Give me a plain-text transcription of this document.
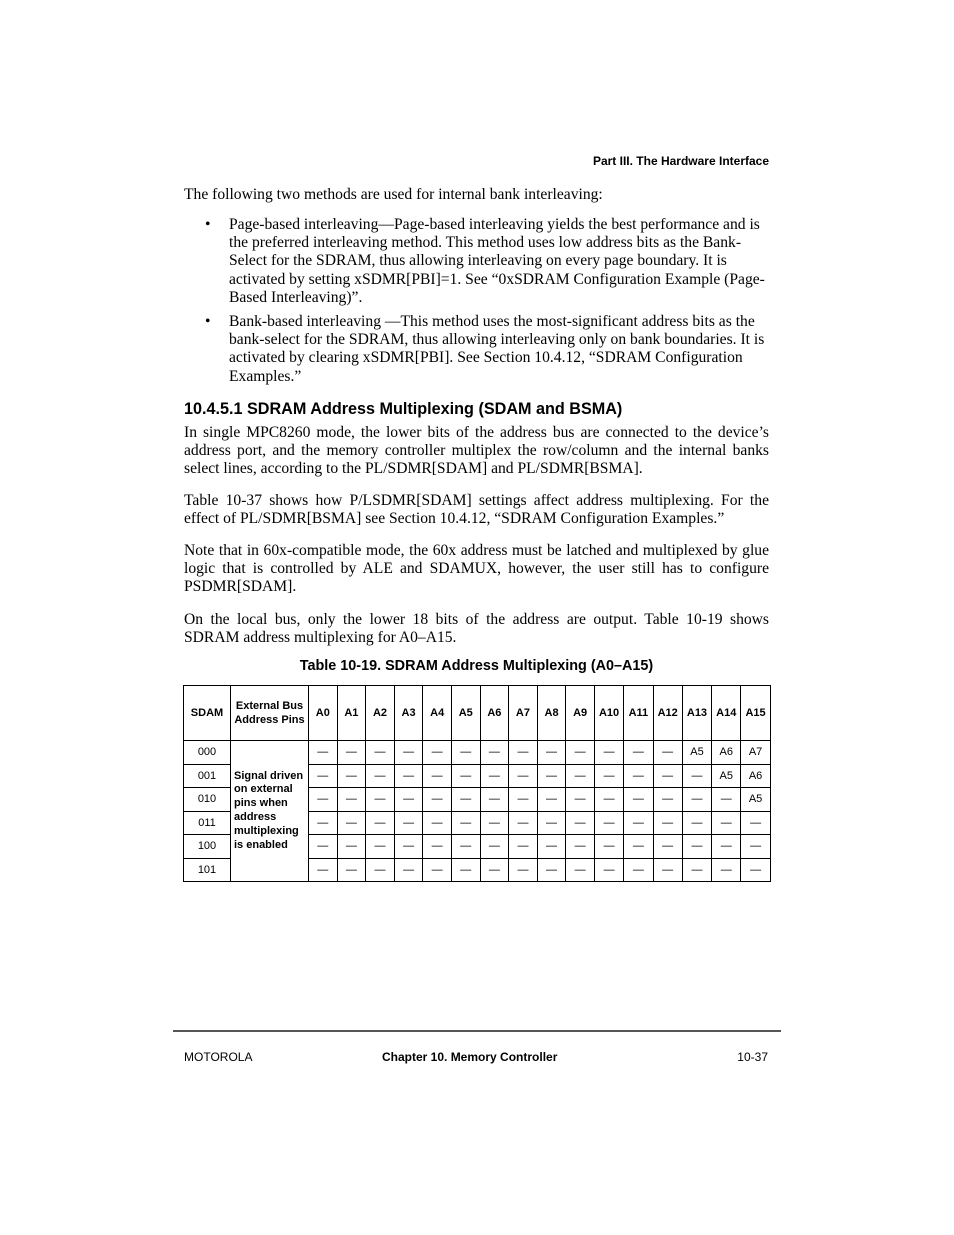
Part III. The Hardware Interface
The following two methods are used for internal bank interleaving:
• Page-based interleaving—Page-based interleaving yields the best performance and is the preferred interleaving method. This method uses low address bits as the Bank-Select for the SDRAM, thus allowing interleaving on every page boundary. It is activated by setting xSDMR[PBI]=1. See “0xSDRAM Configuration Example (Page-Based Interleaving)”.
• Bank-based interleaving —This method uses the most-significant address bits as the bank-select for the SDRAM, thus allowing interleaving only on bank boundaries. It is activated by clearing xSDMR[PBI]. See Section 10.4.12, “SDRAM Configuration Examples.”
10.4.5.1 SDRAM Address Multiplexing (SDAM and BSMA)
In single MPC8260 mode, the lower bits of the address bus are connected to the device’s address port, and the memory controller multiplex the row/column and the internal banks select lines, according to the PL/SDMR[SDAM] and PL/SDMR[BSMA].
Table 10-37 shows how P/LSDMR[SDAM] settings affect address multiplexing. For the effect of PL/SDMR[BSMA] see Section 10.4.12, “SDRAM Configuration Examples.”
Note that in 60x-compatible mode, the 60x address must be latched and multiplexed by glue logic that is controlled by ALE and SDAMUX, however, the user still has to configure PSDMR[SDAM].
On the local bus, only the lower 18 bits of the address are output. Table 10-19 shows SDRAM address multiplexing for A0–A15.
Table 10-19. SDRAM Address Multiplexing (A0–A15)
SDAM	External Bus Address Pins	A0	A1	A2	A3	A4	A5	A6	A7	A8	A9	A10	A11	A12	A13	A14	A15
000	Signal driven on external pins when address multiplexing is enabled	—	—	—	—	—	—	—	—	—	—	—	—	—	A5	A6	A7
001		—	—	—	—	—	—	—	—	—	—	—	—	—	—	A5	A6
010		—	—	—	—	—	—	—	—	—	—	—	—	—	—	—	A5
011		—	—	—	—	—	—	—	—	—	—	—	—	—	—	—	—
100		—	—	—	—	—	—	—	—	—	—	—	—	—	—	—	—
101		—	—	—	—	—	—	—	—	—	—	—	—	—	—	—	—
MOTOROLA	Chapter 10. Memory Controller	10-37
